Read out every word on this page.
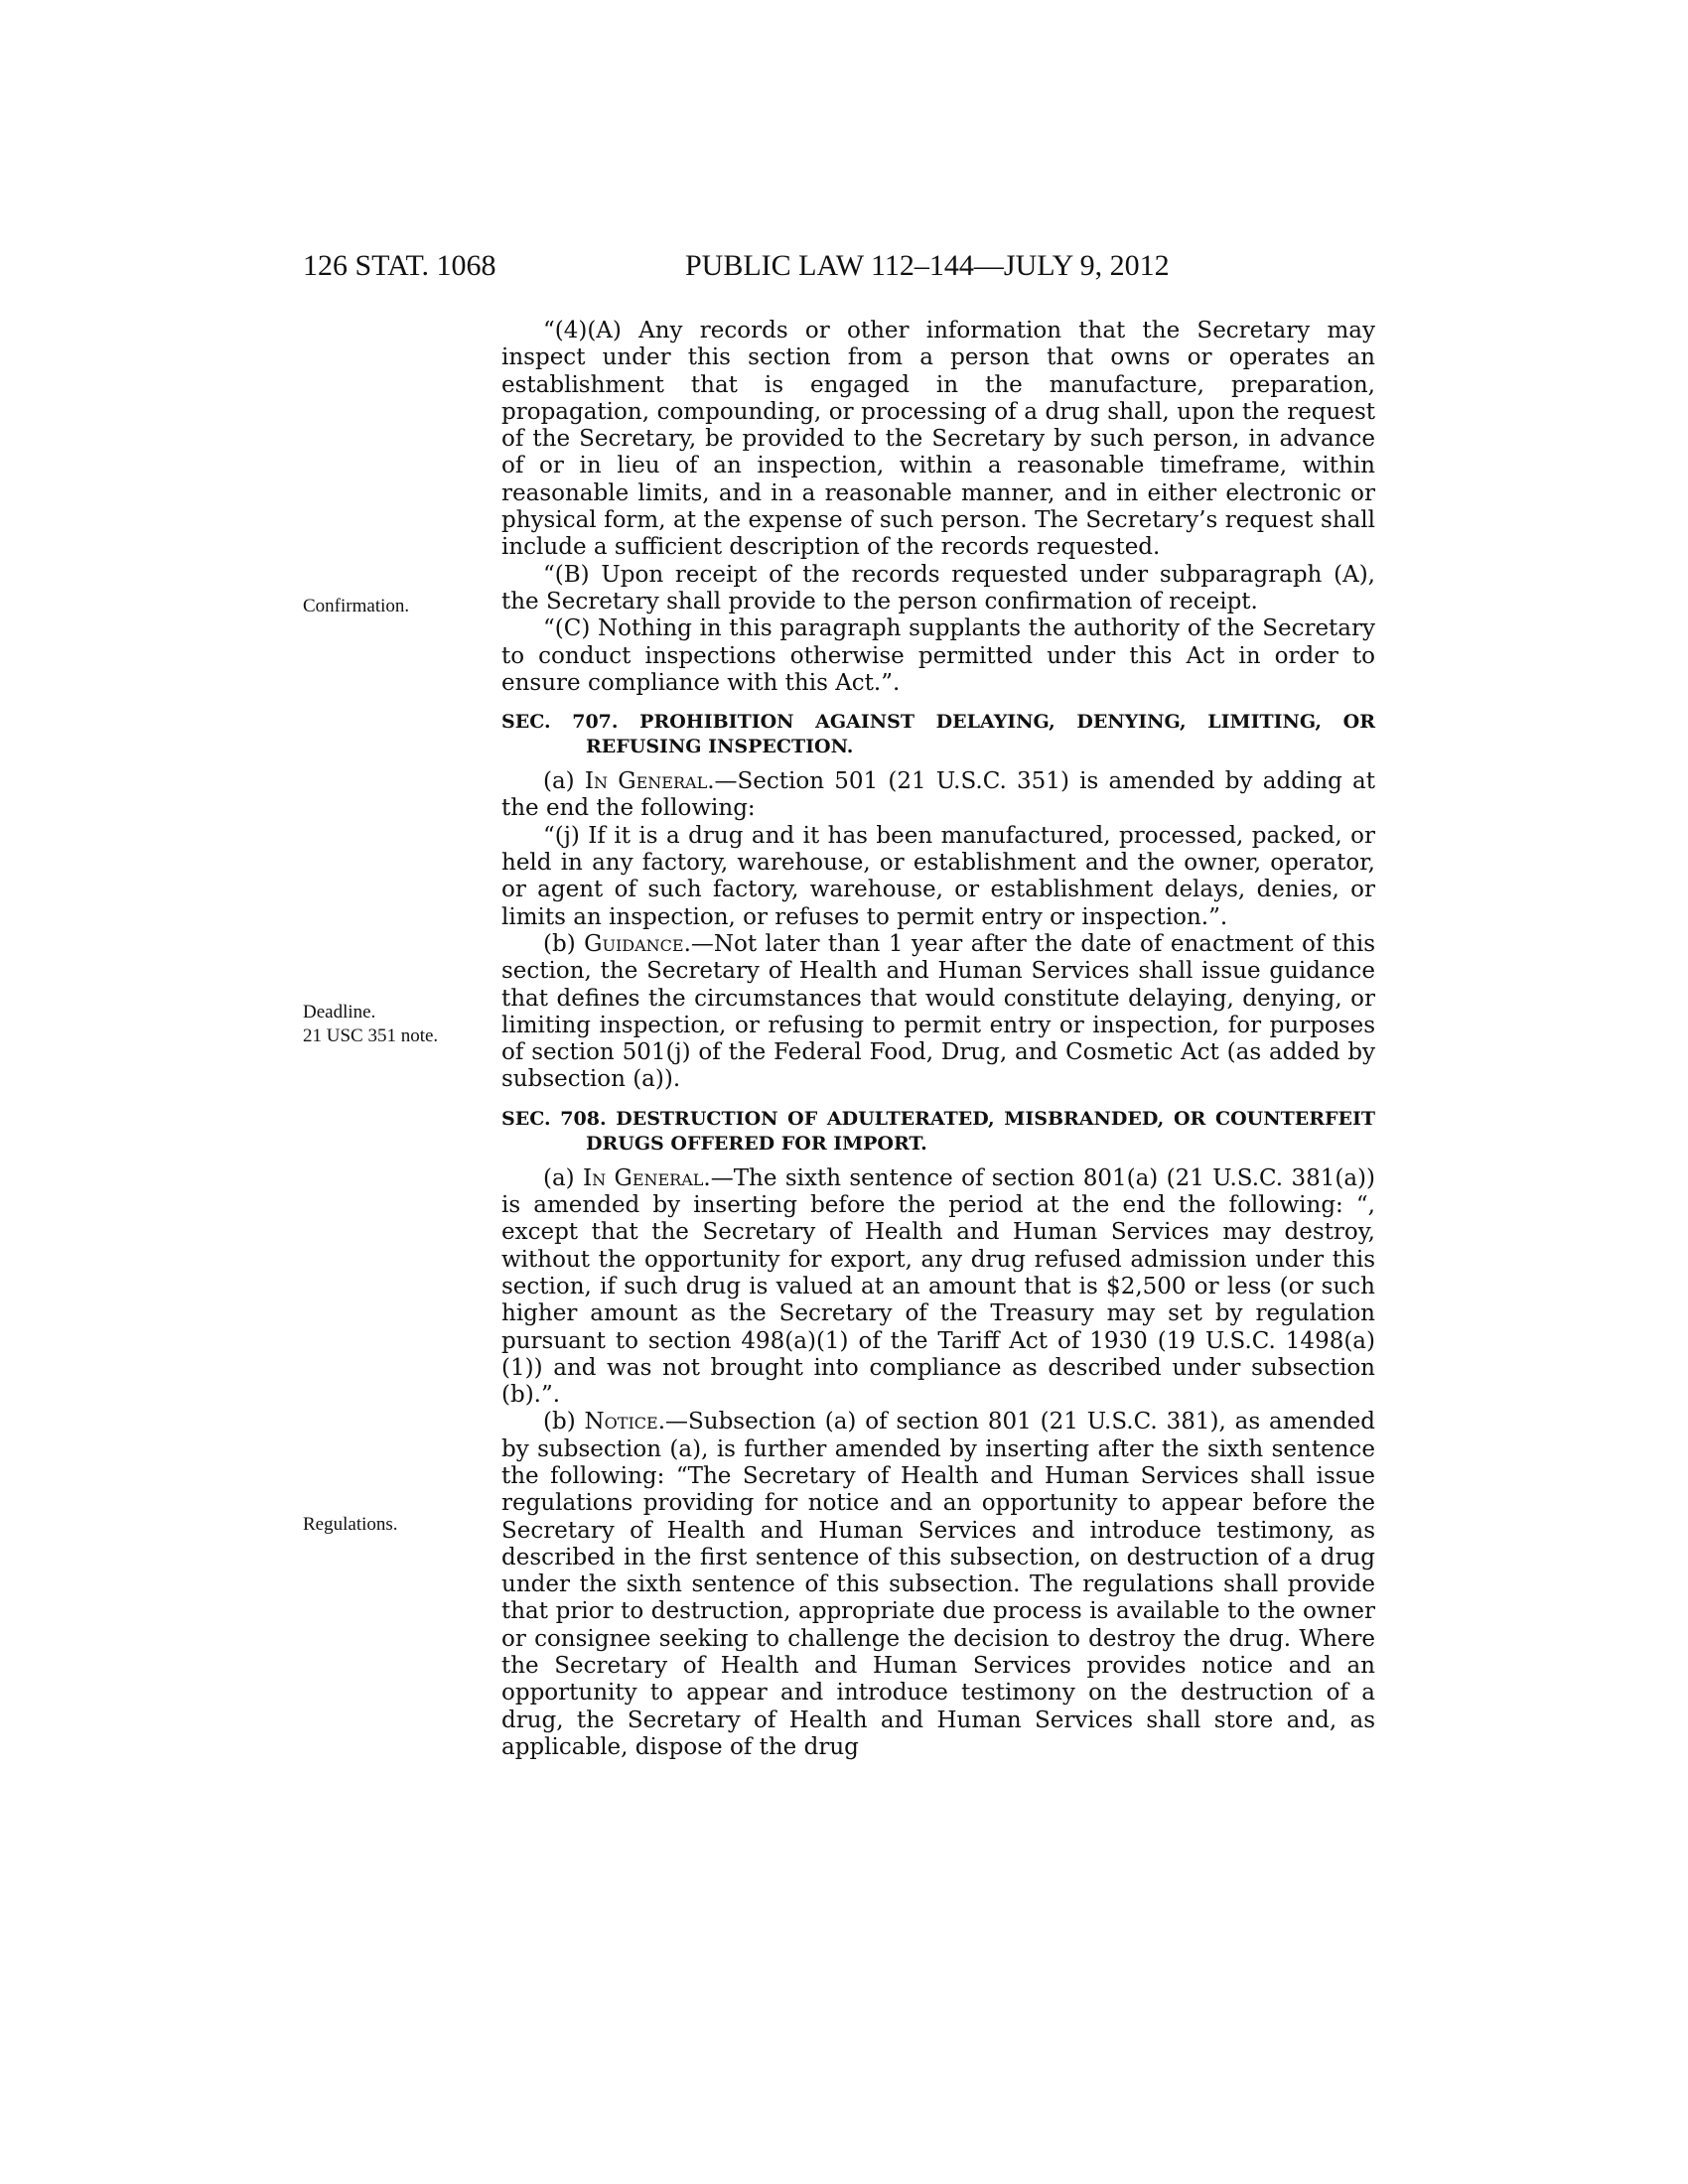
126 STAT. 1068	PUBLIC LAW 112–144—JULY 9, 2012
Confirmation.
Deadline.
21 USC 351 note.
Regulations.

“(4)(A) Any records or other information that the Secretary may inspect under this section from a person that owns or operates an establishment that is engaged in the manufacture, preparation, propagation, compounding, or processing of a drug shall, upon the request of the Secretary, be provided to the Secretary by such person, in advance of or in lieu of an inspection, within a reasonable timeframe, within reasonable limits, and in a reasonable manner, and in either electronic or physical form, at the expense of such person. The Secretary’s request shall include a sufficient description of the records requested.

“(B) Upon receipt of the records requested under subparagraph (A), the Secretary shall provide to the person confirmation of receipt.

“(C) Nothing in this paragraph supplants the authority of the Secretary to conduct inspections otherwise permitted under this Act in order to ensure compliance with this Act.”.

SEC. 707. PROHIBITION AGAINST DELAYING, DENYING, LIMITING, OR REFUSING INSPECTION.

(a) In General.—Section 501 (21 U.S.C. 351) is amended by adding at the end the following:

“(j) If it is a drug and it has been manufactured, processed, packed, or held in any factory, warehouse, or establishment and the owner, operator, or agent of such factory, warehouse, or establishment delays, denies, or limits an inspection, or refuses to permit entry or inspection.”.

(b) Guidance.—Not later than 1 year after the date of enactment of this section, the Secretary of Health and Human Services shall issue guidance that defines the circumstances that would constitute delaying, denying, or limiting inspection, or refusing to permit entry or inspection, for purposes of section 501(j) of the Federal Food, Drug, and Cosmetic Act (as added by subsection (a)).

SEC. 708. DESTRUCTION OF ADULTERATED, MISBRANDED, OR COUNTERFEIT DRUGS OFFERED FOR IMPORT.

(a) In General.—The sixth sentence of section 801(a) (21 U.S.C. 381(a)) is amended by inserting before the period at the end the following: “, except that the Secretary of Health and Human Services may destroy, without the opportunity for export, any drug refused admission under this section, if such drug is valued at an amount that is $2,500 or less (or such higher amount as the Secretary of the Treasury may set by regulation pursuant to section 498(a)(1) of the Tariff Act of 1930 (19 U.S.C. 1498(a)(1)) and was not brought into compliance as described under subsection (b).”.

(b) Notice.—Subsection (a) of section 801 (21 U.S.C. 381), as amended by subsection (a), is further amended by inserting after the sixth sentence the following: “The Secretary of Health and Human Services shall issue regulations providing for notice and an opportunity to appear before the Secretary of Health and Human Services and introduce testimony, as described in the first sentence of this subsection, on destruction of a drug under the sixth sentence of this subsection. The regulations shall provide that prior to destruction, appropriate due process is available to the owner or consignee seeking to challenge the decision to destroy the drug. Where the Secretary of Health and Human Services provides notice and an opportunity to appear and introduce testimony on the destruction of a drug, the Secretary of Health and Human Services shall store and, as applicable, dispose of the drug
